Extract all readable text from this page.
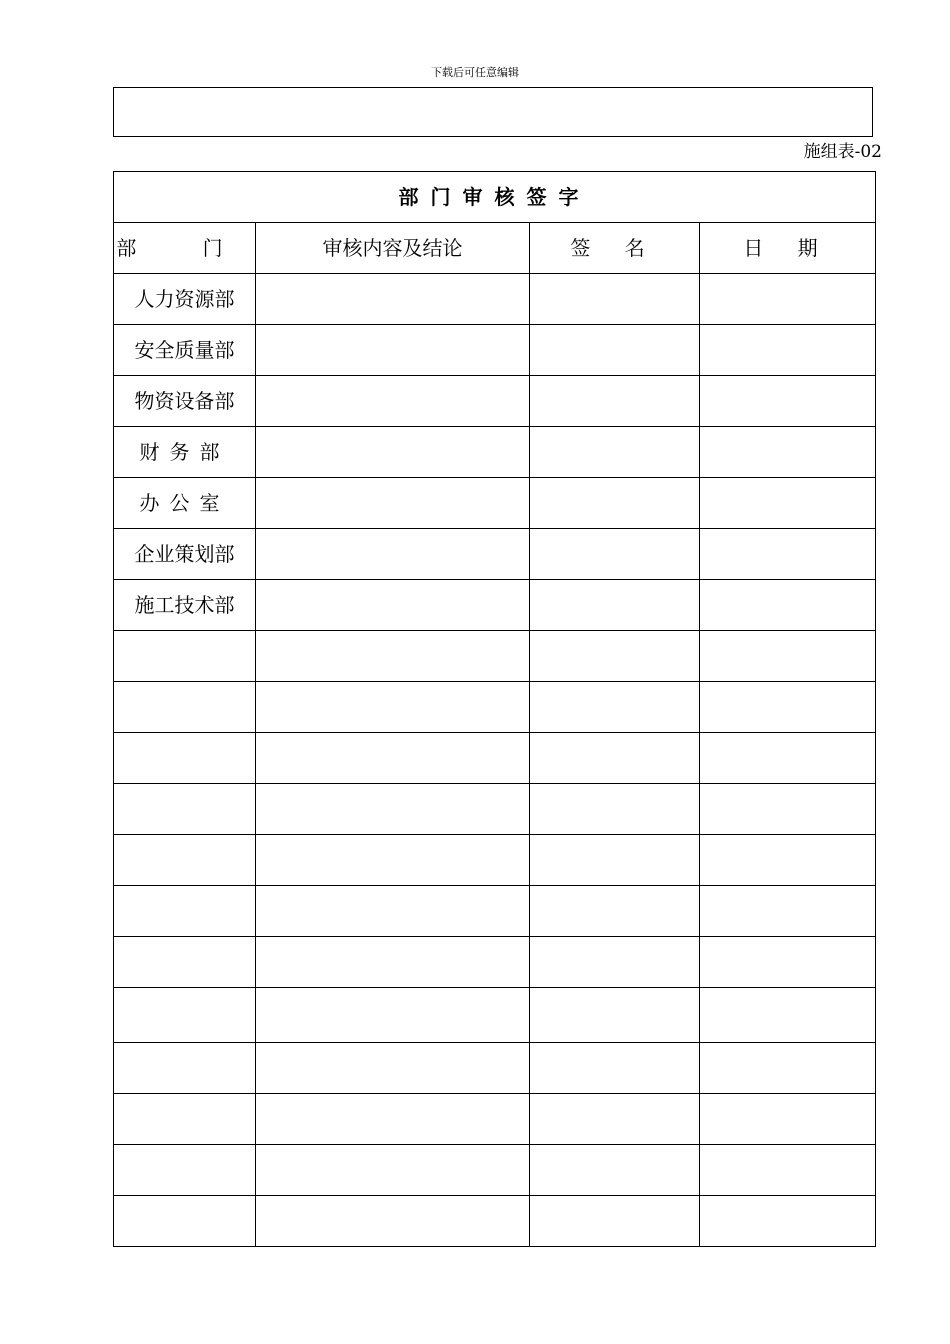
下载后可任意编辑
施组表-02
部门审核签字			
部 门	审核内容及结论	签 名	日 期
人力资源部			
安全质量部			
物资设备部			
财务部			
办公室			
企业策划部			
施工技术部			
